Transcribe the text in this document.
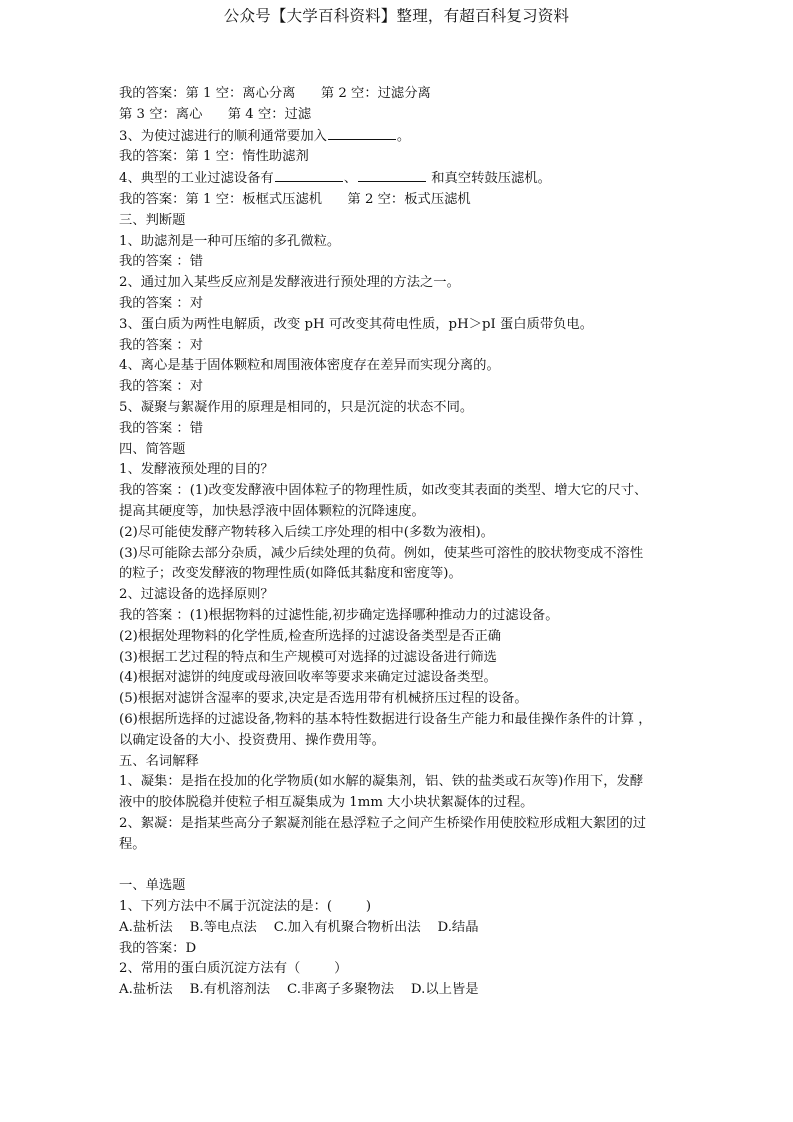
公众号【大学百科资料】整理，有超百科复习资料

我的答案：第 1 空：离心分离      第 2 空：过滤分离

第 3 空：离心      第 4 空：过滤

3、为使过滤进行的顺利通常要加入	。

我的答案：第 1 空：惰性助滤剂

4、典型的工业过滤设备有	、	和真空转鼓压滤机。

我的答案：第 1 空：板框式压滤机      第 2 空：板式压滤机

三、判断题

1、助滤剂是一种可压缩的多孔微粒。

我的答案 ：错

2、通过加入某些反应剂是发酵液进行预处理的方法之一。

我的答案 ：对

3、蛋白质为两性电解质，改变 pH 可改变其荷电性质，pH＞pI 蛋白质带负电。

我的答案 ：对

4、离心是基于固体颗粒和周围液体密度存在差异而实现分离的。

我的答案 ：对

5、凝聚与絮凝作用的原理是相同的，只是沉淀的状态不同。

我的答案 ：错

四、简答题

1、发酵液预处理的目的？

我的答案 ：(1)改变发酵液中固体粒子的物理性质，如改变其表面的类型、增大它的尺寸、

提高其硬度等，加快悬浮液中固体颗粒的沉降速度。

(2)尽可能使发酵产物转移入后续工序处理的相中(多数为液相)。

(3)尽可能除去部分杂质，减少后续处理的负荷。例如，使某些可溶性的胶状物变成不溶性

的粒子；改变发酵液的物理性质(如降低其黏度和密度等)。

2、过滤设备的选择原则？

我的答案 ：(1)根据物料的过滤性能,初步确定选择哪种推动力的过滤设备。

(2)根据处理物料的化学性质,检查所选择的过滤设备类型是否正确

(3)根据工艺过程的特点和生产规模可对选择的过滤设备进行筛选

(4)根据对滤饼的纯度或母液回收率等要求来确定过滤设备类型。

(5)根据对滤饼含湿率的要求,决定是否选用带有机械挤压过程的设备。

(6)根据所选择的过滤设备,物料的基本特性数据进行设备生产能力和最佳操作条件的计算 ，

以确定设备的大小、投资费用、操作费用等。

五、名词解释

1、凝集：是指在投加的化学物质(如水解的凝集剂，铝、铁的盐类或石灰等)作用下，发酵

液中的胶体脱稳并使粒子相互凝集成为 1mm 大小块状絮凝体的过程。

2、絮凝：是指某些高分子絮凝剂能在悬浮粒子之间产生桥梁作用使胶粒形成粗大絮团的过

程。

一、单选题

1、下列方法中不属于沉淀法的是：(        )

A.盐析法    B.等电点法    C.加入有机聚合物析出法    D.结晶

我的答案：D

2、常用的蛋白质沉淀方法有（        ）

A.盐析法    B.有机溶剂法    C.非离子多聚物法    D.以上皆是
